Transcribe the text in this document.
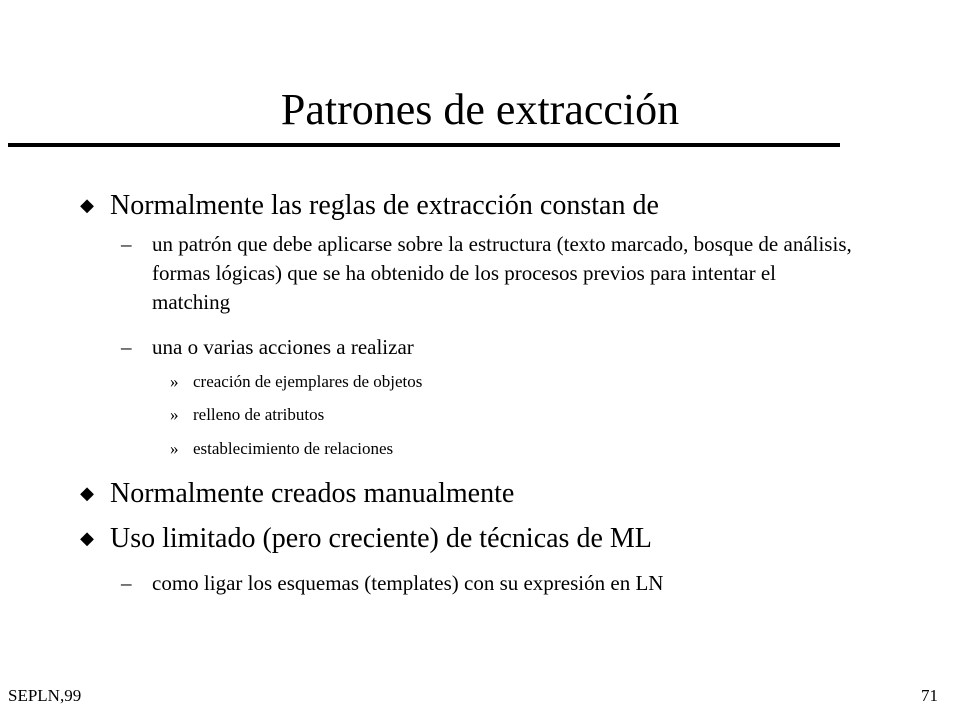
Patrones de extracción
◆ Normalmente las reglas de extracción constan de
– un patrón que debe aplicarse sobre la estructura (texto marcado, bosque de análisis, formas lógicas) que se ha obtenido de los procesos previos para intentar el matching
– una o varias acciones a realizar
» creación de ejemplares de objetos
» relleno de atributos
» establecimiento de relaciones
◆ Normalmente creados manualmente
◆ Uso limitado (pero creciente) de técnicas de ML
– como ligar los esquemas (templates) con su expresión en LN
SEPLN,99	71
